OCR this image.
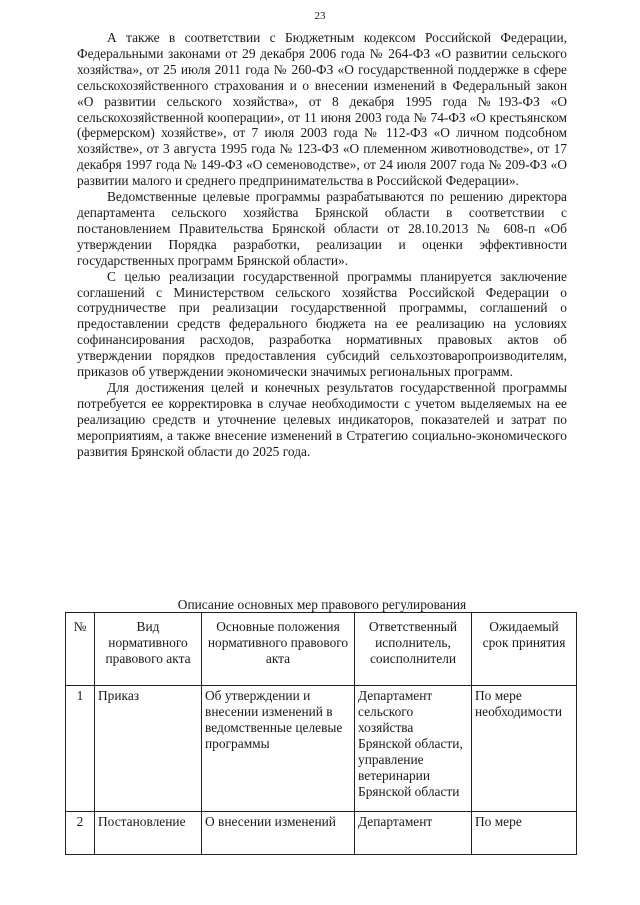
23

А также в соответствии с Бюджетным кодексом Российской Федерации, Федеральными законами от 29 декабря 2006 года № 264-ФЗ «О развитии сельского хозяйства», от 25 июля 2011 года № 260-ФЗ «О государственной поддержке в сфере сельскохозяйственного страхования и о внесении изменений в Федеральный закон «О развитии сельского хозяйства», от 8 декабря 1995 года №193-ФЗ «О сельскохозяйственной кооперации», от 11 июня 2003 года № 74-ФЗ «О крестьянском (фермерском) хозяйстве», от 7 июля 2003 года № 112-ФЗ «О личном подсобном хозяйстве», от 3 августа 1995 года № 123-ФЗ «О племенном животноводстве», от 17 декабря 1997 года № 149-ФЗ «О семеноводстве», от 24 июля 2007 года № 209-ФЗ «О развитии малого и среднего предпринимательства в Российской Федерации».

Ведомственные целевые программы разрабатываются по решению директора департамента сельского хозяйства Брянской области в соответствии с постановлением Правительства Брянской области от 28.10.2013 № 608-п «Об утверждении Порядка разработки, реализации и оценки эффективности государственных программ Брянской области».

С целью реализации государственной программы планируется заключение соглашений с Министерством сельского хозяйства Российской Федерации о сотрудничестве при реализации государственной программы, соглашений о предоставлении средств федерального бюджета на ее реализацию на условиях софинансирования расходов, разработка нормативных правовых актов об утверждении порядков предоставления субсидий сельхозтоваропроизводителям, приказов об утверждении экономически значимых региональных программ.

Для достижения целей и конечных результатов государственной программы потребуется ее корректировка в случае необходимости с учетом выделяемых на ее реализацию средств и уточнение целевых индикаторов, показателей и затрат по мероприятиям, а также внесение изменений в Стратегию социально-экономического развития Брянской области до 2025 года.

Описание основных мер правового регулирования
№	Вид нормативного правового акта	Основные положения нормативного правового акта	Ответственный исполнитель, соисполнители	Ожидаемый срок принятия
1	Приказ	Об утверждении и внесении изменений в ведомственные целевые программы	Департамент сельского хозяйства Брянской области, управление ветеринарии Брянской области	По мере необходимости
2	Постановление	О внесении изменений	Департамент	По мере
